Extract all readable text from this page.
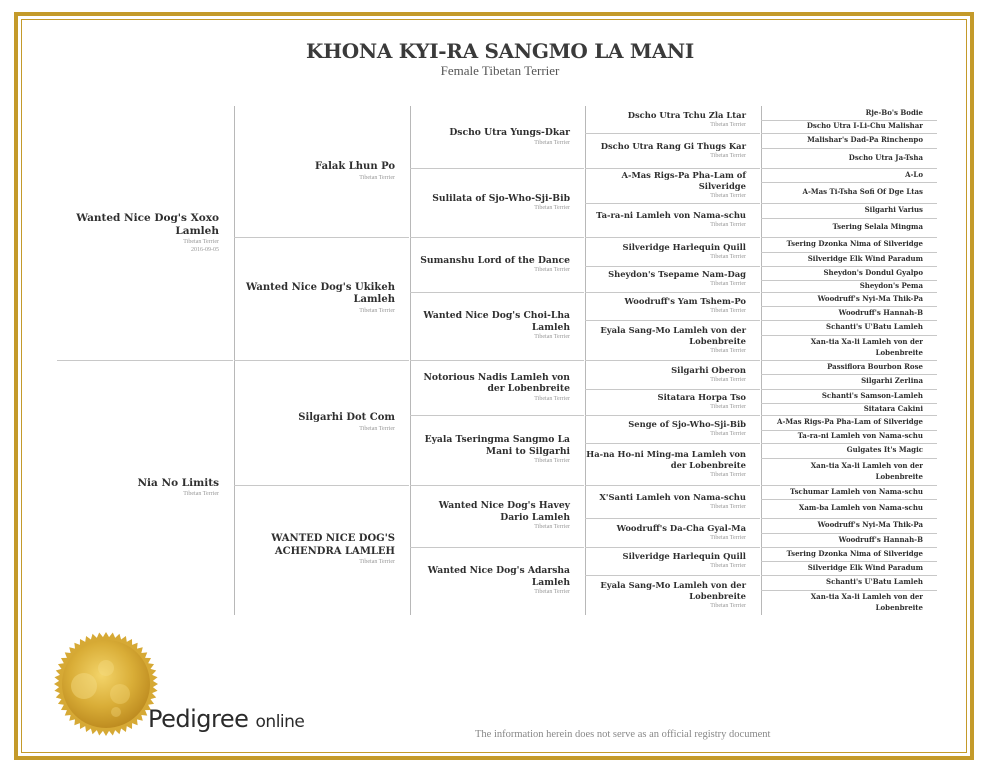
KHONA KYI-RA SANGMO LA MANI
Female Tibetan Terrier
Wanted Nice Dog's Xoxo Lamleh
Tibetan Terrier
2016-09-05
Nia No Limits
Tibetan Terrier
Falak Lhun Po
Tibetan Terrier
Wanted Nice Dog's Ukikeh Lamleh
Tibetan Terrier
Silgarhi Dot Com
Tibetan Terrier
WANTED NICE DOG'S ACHENDRA LAMLEH
Tibetan Terrier
Dscho Utra Yungs-Dkar
Tibetan Terrier
Sulilata of Sjo-Who-Sji-Bib
Tibetan Terrier
Sumanshu Lord of the Dance
Tibetan Terrier
Wanted Nice Dog's Choi-Lha Lamleh
Tibetan Terrier
Notorious Nadis Lamleh von der Lobenbreite
Tibetan Terrier
Eyala Tseringma Sangmo La Mani to Silgarhi
Tibetan Terrier
Wanted Nice Dog's Havey Dario Lamleh
Tibetan Terrier
Wanted Nice Dog's Adarsha Lamleh
Tibetan Terrier
Dscho Utra Tchu Zla Ltar
Tibetan Terrier
Dscho Utra Rang Gi Thugs Kar
Tibetan Terrier
A-Mas Rigs-Pa Pha-Lam of Silveridge
Tibetan Terrier
Ta-ra-ni Lamleh von Nama-schu
Tibetan Terrier
Silveridge Harlequin Quill
Tibetan Terrier
Sheydon's Tsepame Nam-Dag
Tibetan Terrier
Woodruff's Yam Tshem-Po
Tibetan Terrier
Eyala Sang-Mo Lamleh von der Lobenbreite
Tibetan Terrier
Silgarhi Oberon
Tibetan Terrier
Sitatara Horpa Tso
Tibetan Terrier
Senge of Sjo-Who-Sji-Bib
Tibetan Terrier
Ha-na Ho-ni Ming-ma Lamleh von der Lobenbreite
Tibetan Terrier
X'Santi Lamleh von Nama-schu
Tibetan Terrier
Woodruff's Da-Cha Gyal-Ma
Tibetan Terrier
Silveridge Harlequin Quill
Tibetan Terrier
Eyala Sang-Mo Lamleh von der Lobenbreite
Tibetan Terrier
Rje-Bo's Bodie
Dscho Utra I-Li-Chu Malishar
Malishar's Dad-Pa Rinchenpo
Dscho Utra Ja-Tsha
A-Lo
A-Mas Ti-Tsha Sofi Of Dge Ltas
Silgarhi Varius
Tsering Selala Mingma
Tsering Dzonka Nima of Silveridge
Silveridge Elk Wind Paradum
Sheydon's Dondul Gyalpo
Sheydon's Pema
Woodruff's Nyi-Ma Thik-Pa
Woodruff's Hannah-B
Schanti's U'Batu Lamleh
Xan-tia Xa-li Lamleh von der Lobenbreite
Passiflora Bourbon Rose
Silgarhi Zerlina
Schanti's Samson-Lamleh
Sitatara Cakini
A-Mas Rigs-Pa Pha-Lam of Silveridge
Ta-ra-ni Lamleh von Nama-schu
Gulgates It's Magic
Xan-tia Xa-li Lamleh von der Lobenbreite
Tschumar Lamleh von Nama-schu
Xam-ba Lamleh von Nama-schu
Woodruff's Nyi-Ma Thik-Pa
Woodruff's Hannah-B
Tsering Dzonka Nima of Silveridge
Silveridge Elk Wind Paradum
Schanti's U'Batu Lamleh
Xan-tia Xa-li Lamleh von der Lobenbreite
Pedigree online
The information herein does not serve as an official registry document
